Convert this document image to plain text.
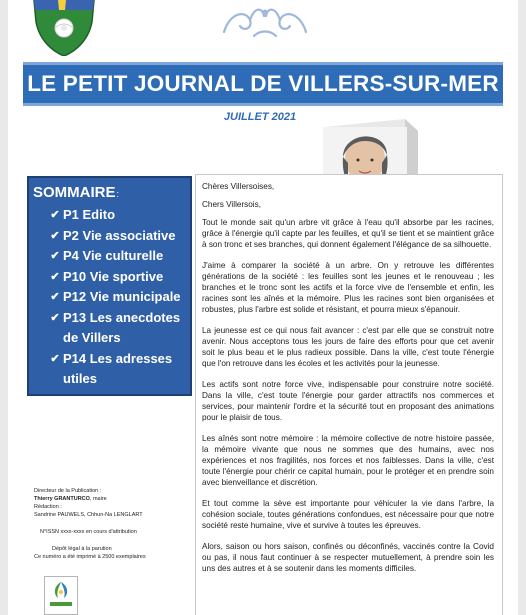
LE PETIT JOURNAL DE VILLERS-SUR-MER
JUILLET 2021
SOMMAIRE :
✔ P1 Edito
✔ P2 Vie associative
✔ P4 Vie culturelle
✔ P10 Vie sportive
✔ P12 Vie municipale
✔ P13 Les anecdotes de Villers
✔ P14 Les adresses utiles
Directeur de la Publication :
Thierry GRANTURCO, maire
Rédaction :
Sandrine PAUWELS, Chhun-Na LENGLART
N°ISSN xxxx-xxxx en cours d'attribution
Dépôt légal à la parution
Ce numéro a été imprimé à 2500 exemplaires

Chères Villersoises,

Chers Villersois,

Tout le monde sait qu'un arbre vit grâce à l'eau qu'il absorbe par les racines, grâce à l'énergie qu'il capte par les feuilles, et qu'il se tient et se maintient grâce à son tronc et ses branches, qui donnent également l'élégance de sa silhouette.

J'aime à comparer la société à un arbre. On y retrouve les différentes générations de la société : les feuilles sont les jeunes et le renouveau ; les branches et le tronc sont les actifs et la force vive de l'ensemble et enfin, les racines sont les aînés et la mémoire. Plus les racines sont bien organisées et robustes, plus l'arbre est solide et résistant, et pourra mieux s'épanouir.

La jeunesse est ce qui nous fait avancer : c'est par elle que se construit notre avenir. Nous acceptons tous les jours de faire des efforts pour que cet avenir soit le plus beau et le plus radieux possible. Dans la ville, c'est toute l'énergie que l'on retrouve dans les écoles et les activités pour la jeunesse.

Les actifs sont notre force vive, indispensable pour construire notre société. Dans la ville, c'est toute l'énergie pour garder attractifs nos commerces et services, pour maintenir l'ordre et la sécurité tout en proposant des animations pour le plaisir de tous.

Les aînés sont notre mémoire : la mémoire collective de notre histoire passée, la mémoire vivante que nous ne sommes que des humains, avec nos expériences et nos fragilités, nos forces et nos faiblesses. Dans la ville, c'est toute l'énergie pour chérir ce capital humain, pour le protéger et en prendre soin avec bienveillance et discrétion.

Et tout comme la sève est importante pour véhiculer la vie dans l'arbre, la cohésion sociale, toutes générations confondues, est nécessaire pour que notre société reste humaine, vive et survive à toutes les épreuves.

Alors, saison ou hors saison, confinés ou déconfinés, vaccinés contre la Covid ou pas, il nous faut continuer à se respecter mutuellement, à prendre soin les uns des autres et à se soutenir dans les moments difficiles.
